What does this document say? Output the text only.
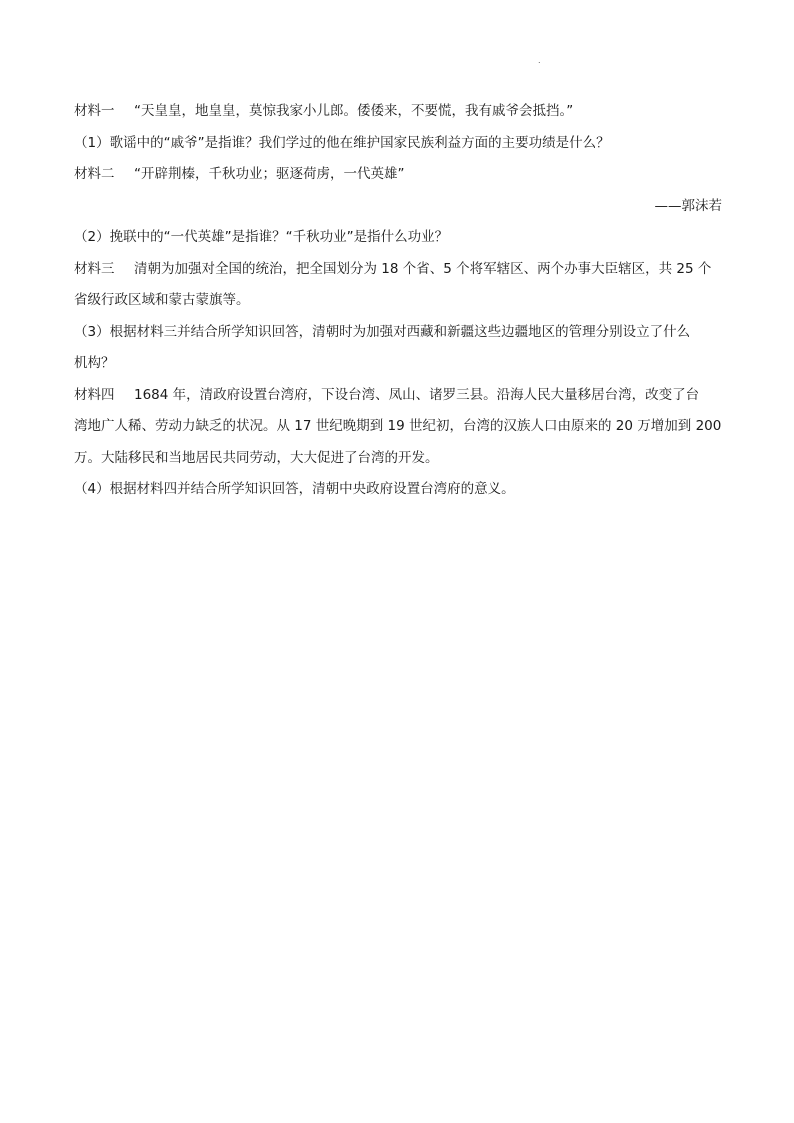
.
材料一 “天皇皇，地皇皇，莫惊我家小儿郎。倭倭来，不要慌，我有戚爷会抵挡。”
（1）歌谣中的“戚爷”是指谁？我们学过的他在维护国家民族利益方面的主要功绩是什么？
材料二 “开辟荆榛，千秋功业；驱逐荷虏，一代英雄”
——郭沫若
（2）挽联中的“一代英雄”是指谁？“千秋功业”是指什么功业？
材料三 清朝为加强对全国的统治，把全国划分为 18 个省、5 个将军辖区、两个办事大臣辖区，共 25 个
省级行政区域和蒙古蒙旗等。
（3）根据材料三并结合所学知识回答，清朝时为加强对西藏和新疆这些边疆地区的管理分别设立了什么
机构？
材料四 1684 年，清政府设置台湾府，下设台湾、凤山、诸罗三县。沿海人民大量移居台湾，改变了台
湾地广人稀、劳动力缺乏的状况。从 17 世纪晚期到 19 世纪初，台湾的汉族人口由原来的 20 万增加到 200
万。大陆移民和当地居民共同劳动，大大促进了台湾的开发。
（4）根据材料四并结合所学知识回答，清朝中央政府设置台湾府的意义。
